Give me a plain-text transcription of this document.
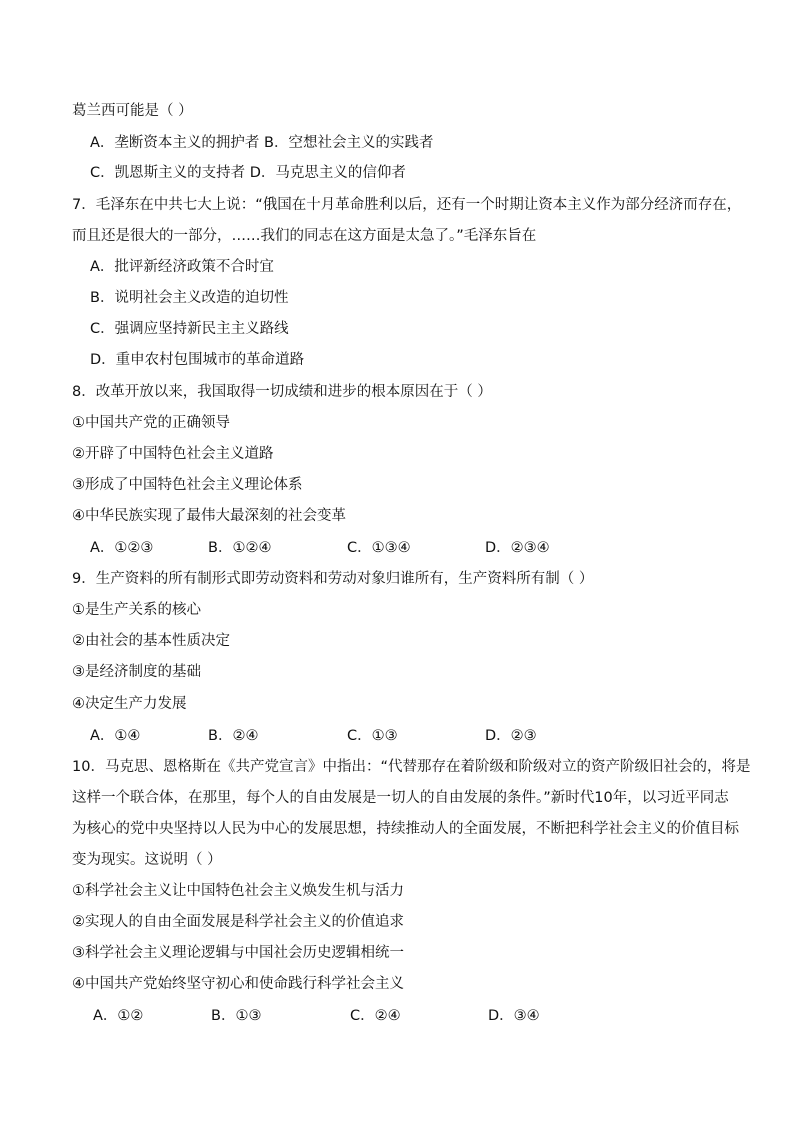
葛兰西可能是（ ）
A．垄断资本主义的拥护者 B．空想社会主义的实践者
C．凯恩斯主义的支持者 D．马克思主义的信仰者
7．毛泽东在中共七大上说：“俄国在十月革命胜利以后，还有一个时期让资本主义作为部分经济而存在，
而且还是很大的一部分，……我们的同志在这方面是太急了。”毛泽东旨在
A．批评新经济政策不合时宜
B．说明社会主义改造的迫切性
C．强调应坚持新民主主义路线
D．重申农村包围城市的革命道路
8．改革开放以来，我国取得一切成绩和进步的根本原因在于（ ）
①中国共产党的正确领导
②开辟了中国特色社会主义道路
③形成了中国特色社会主义理论体系
④中华民族实现了最伟大最深刻的社会变革
A．①②③	B．①②④	C．①③④	D．②③④
9．生产资料的所有制形式即劳动资料和劳动对象归谁所有，生产资料所有制（ ）
①是生产关系的核心
②由社会的基本性质决定
③是经济制度的基础
④决定生产力发展
A．①④	B．②④	C．①③	D．②③
10．马克思、恩格斯在《共产党宣言》中指出：“代替那存在着阶级和阶级对立的资产阶级旧社会的，将是
这样一个联合体，在那里，每个人的自由发展是一切人的自由发展的条件。”新时代10年，以习近平同志
为核心的党中央坚持以人民为中心的发展思想，持续推动人的全面发展，不断把科学社会主义的价值目标
变为现实。这说明（ ）
①科学社会主义让中国特色社会主义焕发生机与活力
②实现人的自由全面发展是科学社会主义的价值追求
③科学社会主义理论逻辑与中国社会历史逻辑相统一
④中国共产党始终坚守初心和使命践行科学社会主义
A．①②	B．①③	C．②④	D．③④
